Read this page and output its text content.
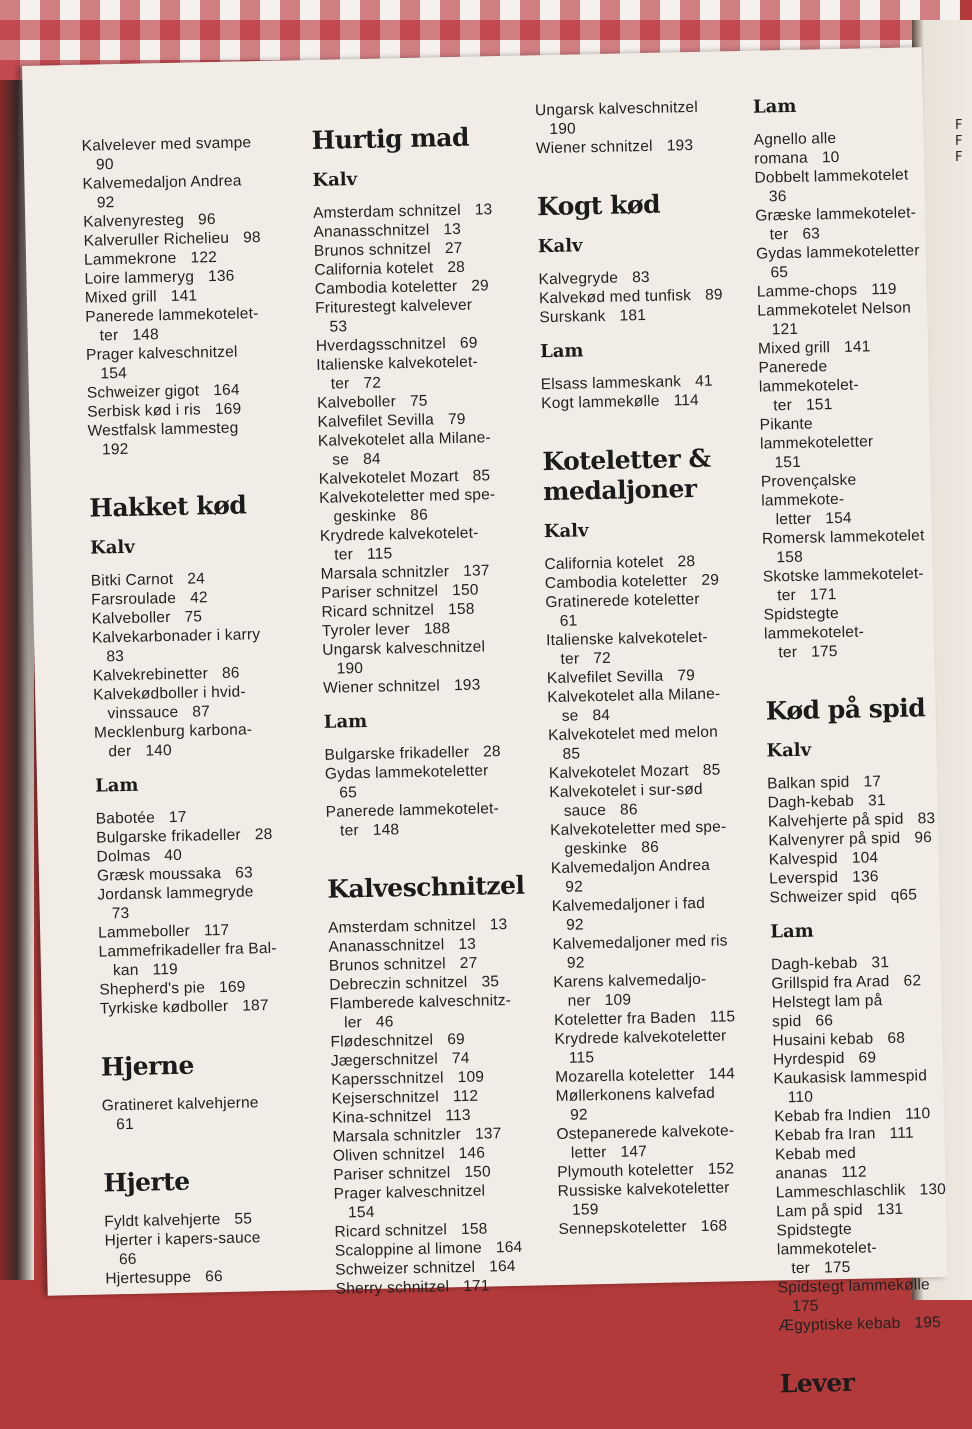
F
F
F
Kalvelever med svampe
90
Kalvemedaljon Andrea
92
Kalvenyresteg 96
Kalveruller Richelieu 98
Lammekrone 122
Loire lammeryg 136
Mixed grill 141
Panerede lammekotelet-
ter 148
Prager kalveschnitzel
154
Schweizer gigot 164
Serbisk kød i ris 169
Westfalsk lammesteg
192
Hakket kød
Kalv
Bitki Carnot 24
Farsroulade 42
Kalveboller 75
Kalvekarbonader i karry
83
Kalvekrebinetter 86
Kalvekødboller i hvid-
vinssauce 87
Mecklenburg karbona-
der 140
Lam
Babotée 17
Bulgarske frikadeller 28
Dolmas 40
Græsk moussaka 63
Jordansk lammegryde
73
Lammeboller 117
Lammefrikadeller fra Bal-
kan 119
Shepherd's pie 169
Tyrkiske kødboller 187
Hjerne
Gratineret kalvehjerne
61
Hjerte
Fyldt kalvehjerte 55
Hjerter i kapers-sauce
66
Hjertesuppe 66
Hurtig mad
Kalv
Amsterdam schnitzel 13
Ananasschnitzel 13
Brunos schnitzel 27
California kotelet 28
Cambodia koteletter 29
Friturestegt kalvelever
53
Hverdagsschnitzel 69
Italienske kalvekotelet-
ter 72
Kalveboller 75
Kalvefilet Sevilla 79
Kalvekotelet alla Milane-
se 84
Kalvekotelet Mozart 85
Kalvekoteletter med spe-
geskinke 86
Krydrede kalvekotelet-
ter 115
Marsala schnitzler 137
Pariser schnitzel 150
Ricard schnitzel 158
Tyroler lever 188
Ungarsk kalveschnitzel
190
Wiener schnitzel 193
Lam
Bulgarske frikadeller 28
Gydas lammekoteletter
65
Panerede lammekotelet-
ter 148
Kalveschnitzel
Amsterdam schnitzel 13
Ananasschnitzel 13
Brunos schnitzel 27
Debreczin schnitzel 35
Flamberede kalveschnitz-
ler 46
Flødeschnitzel 69
Jægerschnitzel 74
Kapersschnitzel 109
Kejserschnitzel 112
Kina-schnitzel 113
Marsala schnitzler 137
Oliven schnitzel 146
Pariser schnitzel 150
Prager kalveschnitzel
154
Ricard schnitzel 158
Scaloppine al limone 164
Schweizer schnitzel 164
Sherry schnitzel 171
Ungarsk kalveschnitzel
190
Wiener schnitzel 193
Kogt kød
Kalv
Kalvegryde 83
Kalvekød med tunfisk 89
Surskank 181
Lam
Elsass lammeskank 41
Kogt lammekølle 114
Koteletter & medaljoner
Kalv
California kotelet 28
Cambodia koteletter 29
Gratinerede koteletter
61
Italienske kalvekotelet-
ter 72
Kalvefilet Sevilla 79
Kalvekotelet alla Milane-
se 84
Kalvekotelet med melon
85
Kalvekotelet Mozart 85
Kalvekotelet i sur-sød
sauce 86
Kalvekoteletter med spe-
geskinke 86
Kalvemedaljon Andrea
92
Kalvemedaljoner i fad
92
Kalvemedaljoner med ris
92
Karens kalvemedaljo-
ner 109
Koteletter fra Baden 115
Krydrede kalvekoteletter
115
Mozarella koteletter 144
Møllerkonens kalvefad
92
Ostepanerede kalvekote-
letter 147
Plymouth koteletter 152
Russiske kalvekoteletter
159
Sennepskoteletter 168
Lam
Agnello alle romana 10
Dobbelt lammekotelet
36
Græske lammekotelet-
ter 63
Gydas lammekoteletter
65
Lamme-chops 119
Lammekotelet Nelson
121
Mixed grill 141
Panerede lammekotelet-
ter 151
Pikante lammekoteletter
151
Provençalske lammekote-
letter 154
Romersk lammekotelet
158
Skotske lammekotelet-
ter 171
Spidstegte lammekotelet-
ter 175
Kød på spid
Kalv
Balkan spid 17
Dagh-kebab 31
Kalvehjerte på spid 83
Kalvenyrer på spid 96
Kalvespid 104
Leverspid 136
Schweizer spid q65
Lam
Dagh-kebab 31
Grillspid fra Arad 62
Helstegt lam på spid 66
Husaini kebab 68
Hyrdespid 69
Kaukasisk lammespid
110
Kebab fra Indien 110
Kebab fra Iran 111
Kebab med ananas 112
Lammeschlaschlik 130
Lam på spid 131
Spidstegte lammekotelet-
ter 175
Spidstegt lammekølle
175
Ægyptiske kebab 195
Lever
